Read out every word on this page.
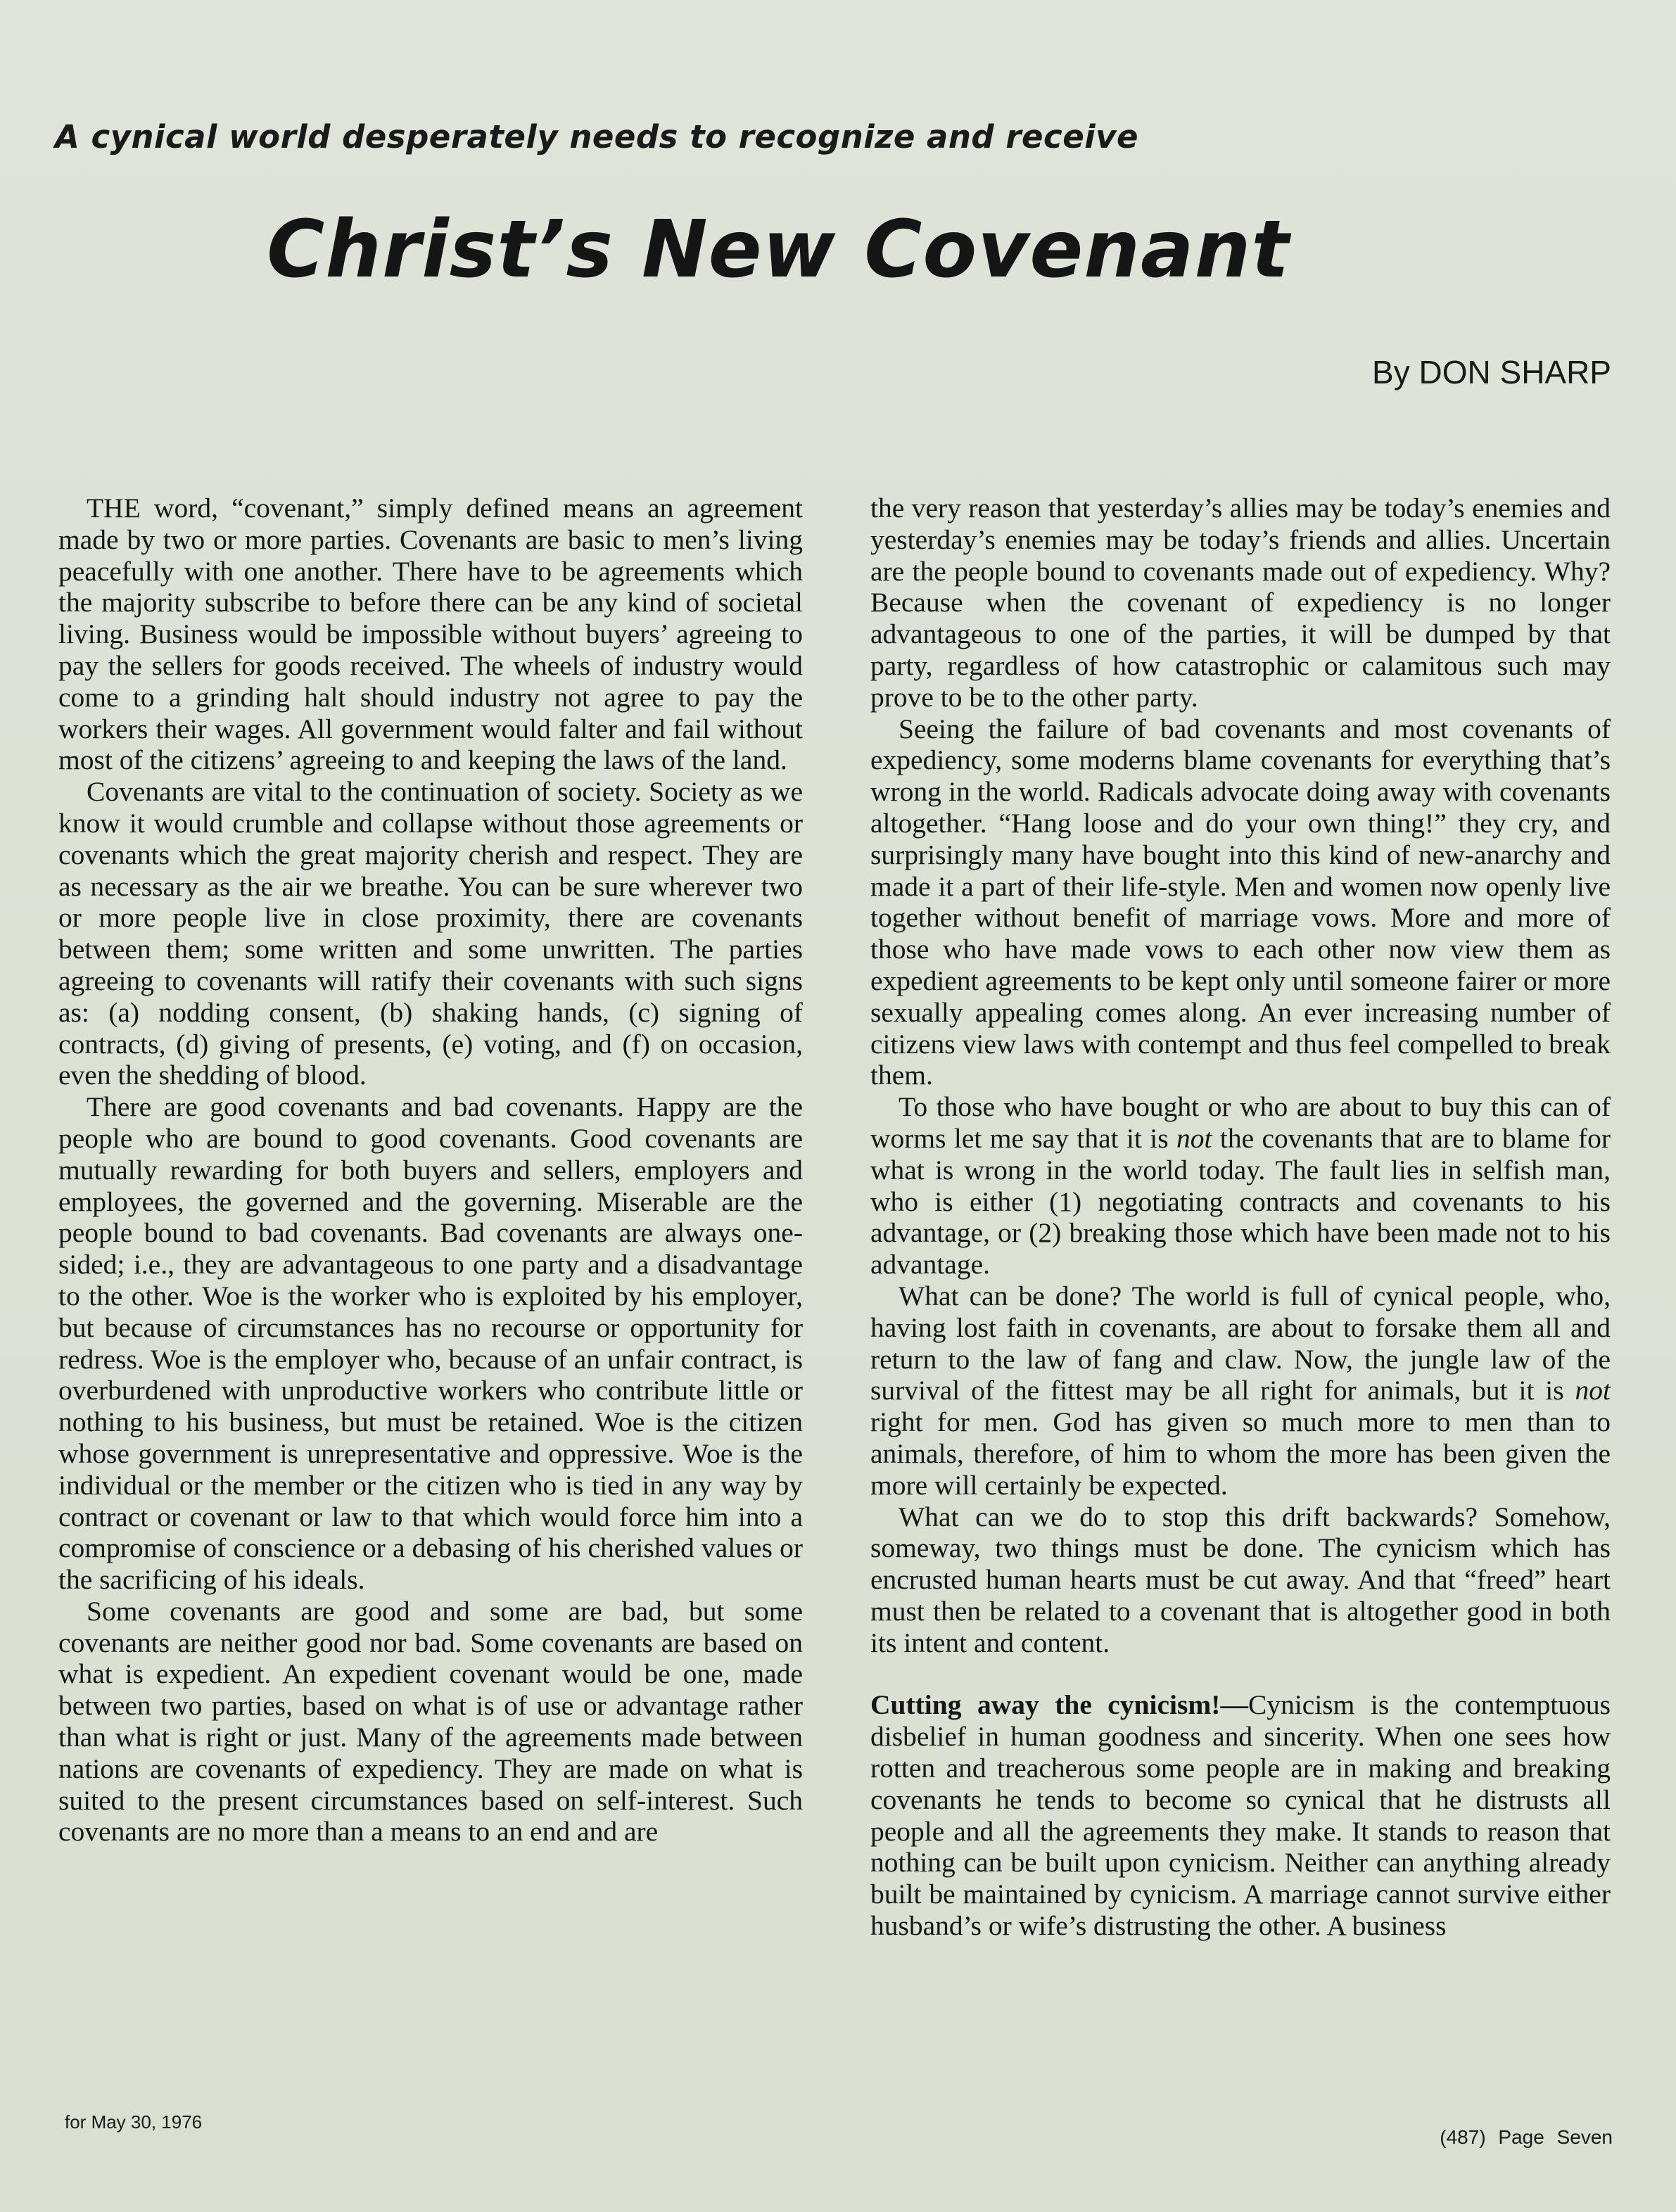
A cynical world desperately needs to recognize and receive
Christ’s New Covenant
By DON SHARP

THE word, “covenant,” simply defined means an agreement made by two or more parties. Covenants are basic to men’s living peacefully with one another. There have to be agreements which the majority subscribe to before there can be any kind of societal living. Business would be impossible without buyers’ agreeing to pay the sellers for goods received. The wheels of industry would come to a grinding halt should industry not agree to pay the workers their wages. All government would falter and fail without most of the citizens’ agreeing to and keeping the laws of the land.

Covenants are vital to the continuation of society. Society as we know it would crumble and collapse without those agreements or covenants which the great majority cherish and respect. They are as necessary as the air we breathe. You can be sure wherever two or more people live in close proximity, there are covenants between them; some written and some unwritten. The parties agreeing to covenants will ratify their covenants with such signs as: (a) nodding consent, (b) shaking hands, (c) signing of contracts, (d) giving of presents, (e) voting, and (f) on occasion, even the shedding of blood.

There are good covenants and bad covenants. Happy are the people who are bound to good covenants. Good covenants are mutually rewarding for both buyers and sellers, employers and employees, the governed and the governing. Miserable are the people bound to bad covenants. Bad covenants are always one-sided; i.e., they are advantageous to one party and a disadvantage to the other. Woe is the worker who is exploited by his employer, but because of circumstances has no recourse or opportunity for redress. Woe is the employer who, because of an unfair contract, is overburdened with unproductive workers who contribute little or nothing to his business, but must be retained. Woe is the citizen whose government is unrepresentative and oppressive. Woe is the individual or the member or the citizen who is tied in any way by contract or covenant or law to that which would force him into a compromise of conscience or a debasing of his cherished values or the sacrificing of his ideals.

Some covenants are good and some are bad, but some covenants are neither good nor bad. Some covenants are based on what is expedient. An expedient covenant would be one, made between two parties, based on what is of use or advantage rather than what is right or just. Many of the agreements made between nations are covenants of expediency. They are made on what is suited to the present circumstances based on self-interest. Such covenants are no more than a means to an end and are

the very reason that yesterday’s allies may be today’s enemies and yesterday’s enemies may be today’s friends and allies. Uncertain are the people bound to covenants made out of expediency. Why? Because when the covenant of expediency is no longer advantageous to one of the parties, it will be dumped by that party, regardless of how catastrophic or calamitous such may prove to be to the other party.

Seeing the failure of bad covenants and most covenants of expediency, some moderns blame covenants for everything that’s wrong in the world. Radicals advocate doing away with covenants altogether. “Hang loose and do your own thing!” they cry, and surprisingly many have bought into this kind of new-anarchy and made it a part of their life-style. Men and women now openly live together without benefit of marriage vows. More and more of those who have made vows to each other now view them as expedient agreements to be kept only until someone fairer or more sexually appealing comes along. An ever increasing number of citizens view laws with contempt and thus feel compelled to break them.

To those who have bought or who are about to buy this can of worms let me say that it is not the covenants that are to blame for what is wrong in the world today. The fault lies in selfish man, who is either (1) negotiating contracts and covenants to his advantage, or (2) breaking those which have been made not to his advantage.

What can be done? The world is full of cynical people, who, having lost faith in covenants, are about to forsake them all and return to the law of fang and claw. Now, the jungle law of the survival of the fittest may be all right for animals, but it is not right for men. God has given so much more to men than to animals, therefore, of him to whom the more has been given the more will certainly be expected.

What can we do to stop this drift backwards? Somehow, someway, two things must be done. The cynicism which has encrusted human hearts must be cut away. And that “freed” heart must then be related to a covenant that is altogether good in both its intent and content.

Cutting away the cynicism!—Cynicism is the contemptuous disbelief in human goodness and sincerity. When one sees how rotten and treacherous some people are in making and breaking covenants he tends to become so cynical that he distrusts all people and all the agreements they make. It stands to reason that nothing can be built upon cynicism. Neither can anything already built be maintained by cynicism. A marriage cannot survive either husband’s or wife’s distrusting the other. A business

for May 30, 1976
(487) Page Seven
